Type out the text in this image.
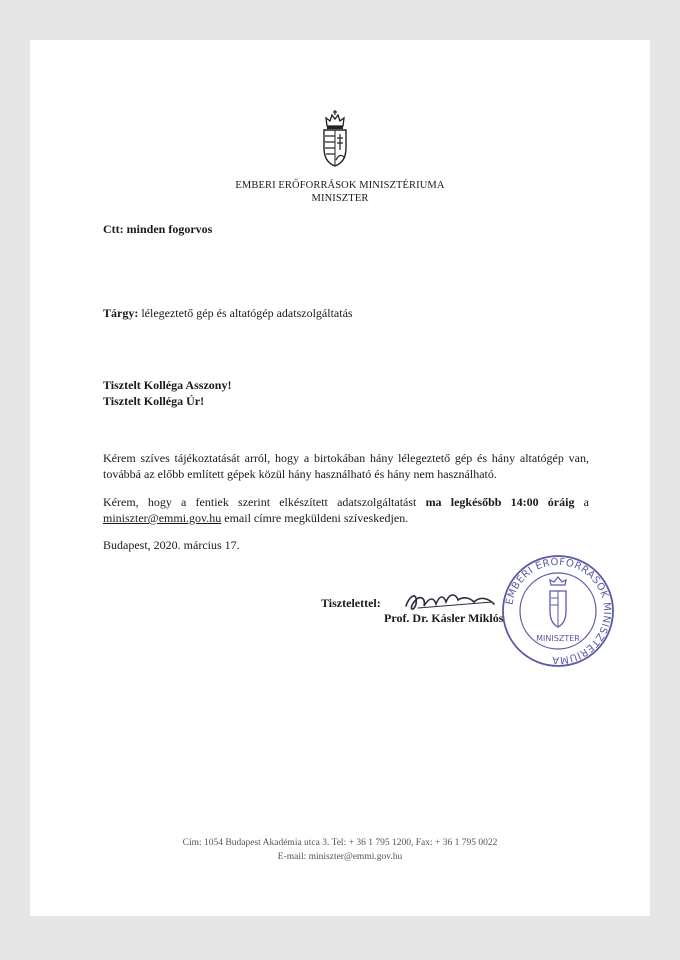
EMBERI ERŐFORRÁSOK MINISZTÉRIUMA
MINISZTER
Ctt: minden fogorvos
Tárgy: lélegeztető gép és altatógép adatszolgáltatás
Tisztelt Kolléga Asszony!
Tisztelt Kolléga Úr!
Kérem szíves tájékoztatását arról, hogy a birtokában hány lélegeztető gép és hány altatógép van, továbbá az előbb említett gépek közül hány használható és hány nem használható.
Kérem, hogy a fentiek szerint elkészített adatszolgáltatást ma legkésőbb 14:00 óráig a miniszter@emmi.gov.hu email címre megküldeni szíveskedjen.
Budapest, 2020. március 17.
Tisztelettel:
Prof. Dr. Kásler Miklós
EMBERI ERŐFORRÁSOK MINISZTÉRIUMA
MINISZTER
Cím: 1054 Budapest Akadémia utca 3. Tel: + 36 1 795 1200, Fax: + 36 1 795 0022
E-mail: miniszter@emmi.gov.hu
